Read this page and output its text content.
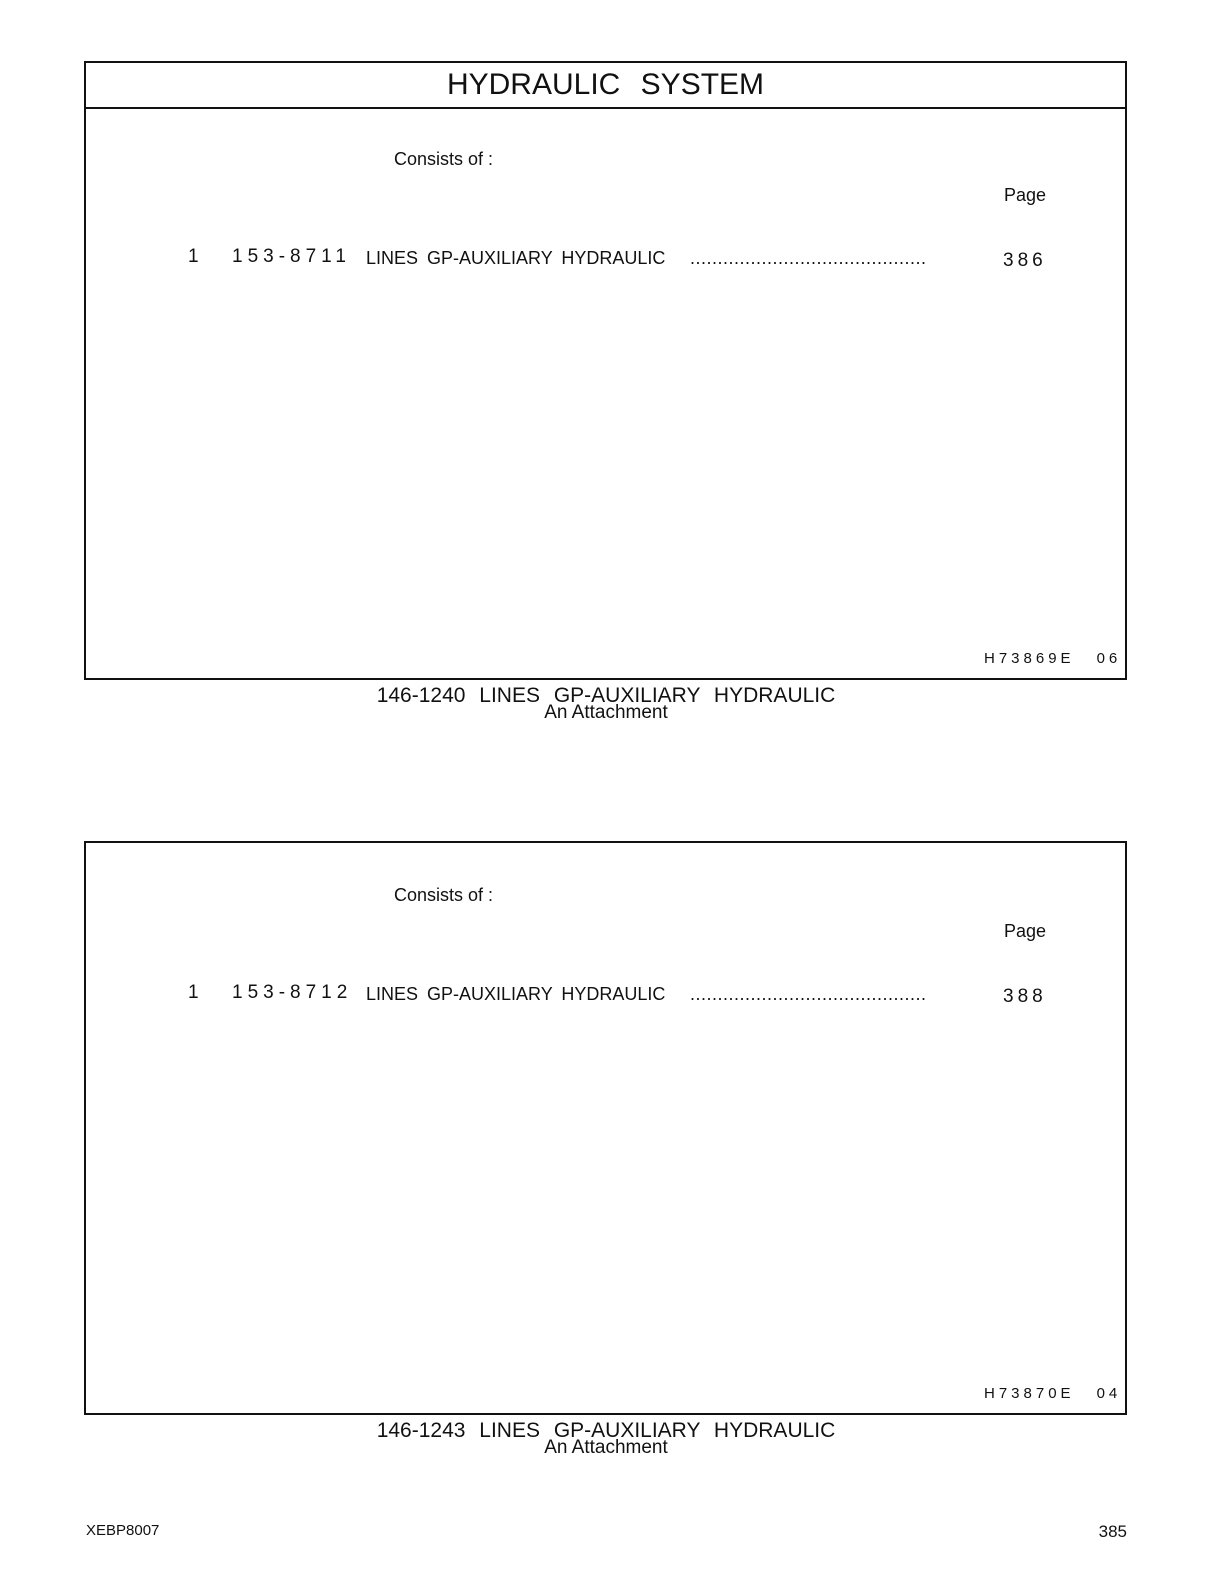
HYDRAULIC SYSTEM
Consists of :
Page
1 153-8711 LINES GP-AUXILIARY HYDRAULIC ...........................................	386
H73869E 06
146-1240 LINES GP-AUXILIARY HYDRAULIC
An Attachment
Consists of :
Page
1 153-8712 LINES GP-AUXILIARY HYDRAULIC ...........................................	388
H73870E 04
146-1243 LINES GP-AUXILIARY HYDRAULIC
An Attachment
XEBP8007	385
